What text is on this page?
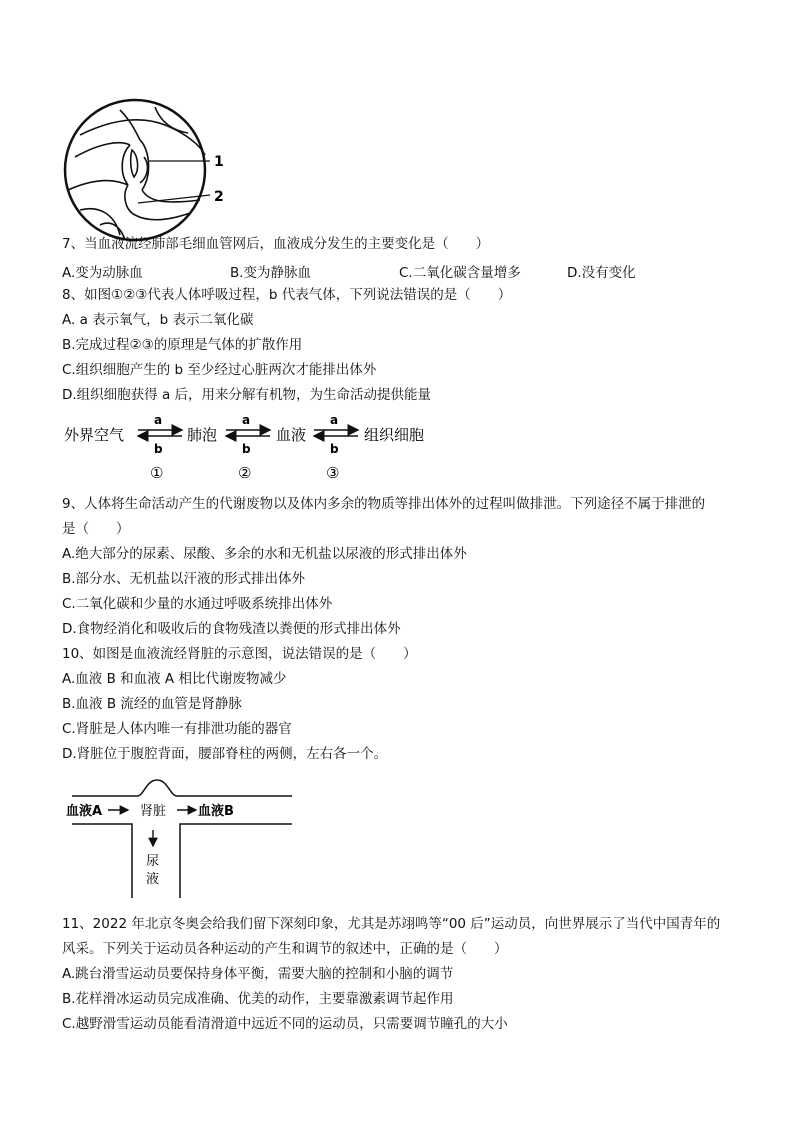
1
2
7、当血液流经肺部毛细血管网后，血液成分发生的主要变化是（　　）
A.变为动脉血	B.变为静脉血	C.二氧化碳含量增多	D.没有变化
8、如图①②③代表人体呼吸过程，b 代表气体，下列说法错误的是（　　）
A. a 表示氧气，b 表示二氧化碳
B.完成过程②③的原理是气体的扩散作用
C.组织细胞产生的 b 至少经过心脏两次才能排出体外
D.组织细胞获得 a 后，用来分解有机物，为生命活动提供能量
外界空气	肺泡	血液	组织细胞
a
b
①
a
b
②
a
b
③
9、人体将生命活动产生的代谢废物以及体内多余的物质等排出体外的过程叫做排泄。下列途径不属于排泄的
是（　　）
A.绝大部分的尿素、尿酸、多余的水和无机盐以尿液的形式排出体外
B.部分水、无机盐以汗液的形式排出体外
C.二氧化碳和少量的水通过呼吸系统排出体外
D.食物经消化和吸收后的食物残渣以粪便的形式排出体外
10、如图是血液流经肾脏的示意图，说法错误的是（　　）
A.血液 B 和血液 A 相比代谢废物减少
B.血液 B 流经的血管是肾静脉
C.肾脏是人体内唯一有排泄功能的器官
D.肾脏位于腹腔背面，腰部脊柱的两侧，左右各一个。
血液A	肾脏 血液B
尿
液
11、2022 年北京冬奥会给我们留下深刻印象，尤其是苏翊鸣等“00 后”运动员，向世界展示了当代中国青年的
风采。下列关于运动员各种运动的产生和调节的叙述中，正确的是（　　）
A.跳台滑雪运动员要保持身体平衡，需要大脑的控制和小脑的调节
B.花样滑冰运动员完成准确、优美的动作，主要靠激素调节起作用
C.越野滑雪运动员能看清滑道中远近不同的运动员，只需要调节瞳孔的大小
